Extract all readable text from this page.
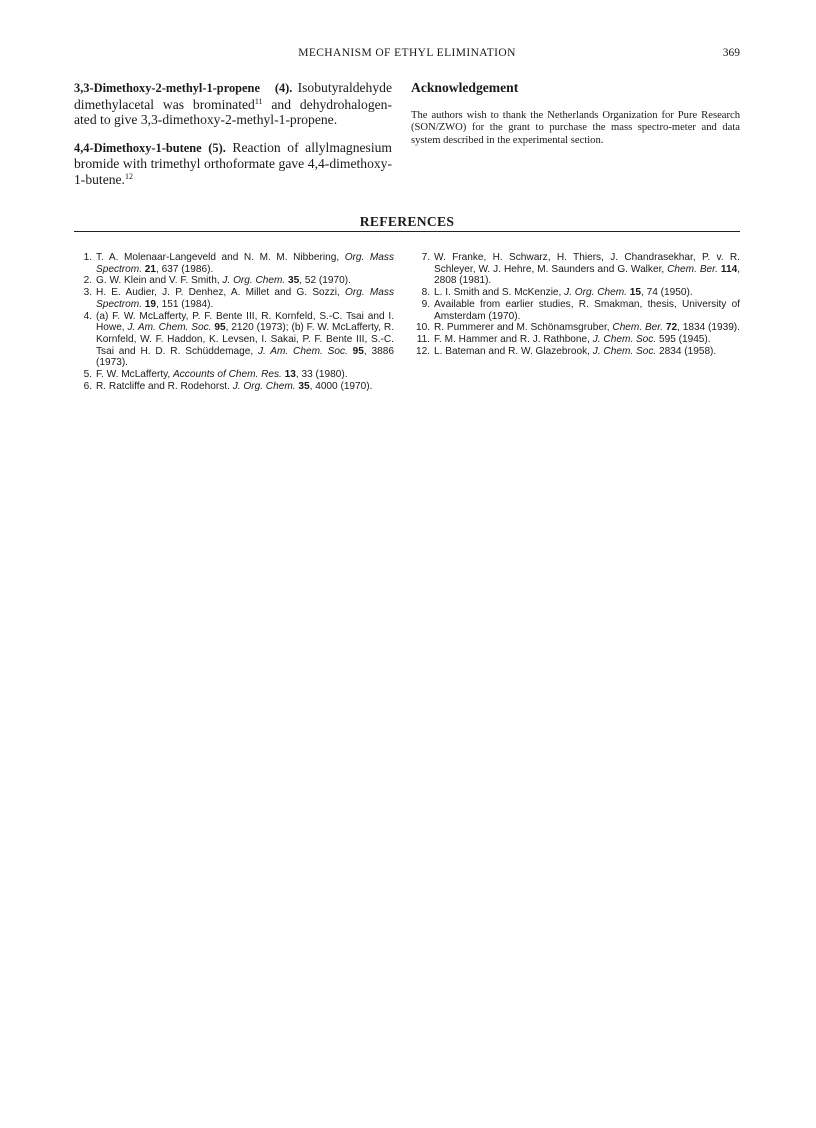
MECHANISM OF ETHYL ELIMINATION	369

3,3-Dimethoxy-2-methyl-1-propene (4). Isobutyraldehyde dimethylacetal was brominated$^{11}$ and dehydrohalogen-ated to give 3,3-dimethoxy-2-methyl-1-propene.

4,4-Dimethoxy-1-butene (5). Reaction of allylmagnesium bromide with trimethyl orthoformate gave 4,4-dimethoxy-1-butene.$^{12}$

Acknowledgement

The authors wish to thank the Netherlands Organization for Pure Research (SON/ZWO) for the grant to purchase the mass spectro-meter and data system described in the experimental section.

REFERENCES

1. T. A. Molenaar-Langeveld and N. M. M. Nibbering, Org. Mass Spectrom. 21, 637 (1986).

2. G. W. Klein and V. F. Smith, J. Org. Chem. 35, 52 (1970).

3. H. E. Audier, J. P. Denhez, A. Millet and G. Sozzi, Org. Mass Spectrom. 19, 151 (1984).

4. (a) F. W. McLafferty, P. F. Bente III, R. Kornfeld, S.-C. Tsai and I. Howe, J. Am. Chem. Soc. 95, 2120 (1973); (b) F. W. McLafferty, R. Kornfeld, W. F. Haddon, K. Levsen, I. Sakai, P. F. Bente III, S.-C. Tsai and H. D. R. Schüddemage, J. Am. Chem. Soc. 95, 3886 (1973).

5. F. W. McLafferty, Accounts of Chem. Res. 13, 33 (1980).

6. R. Ratcliffe and R. Rodehorst. J. Org. Chem. 35, 4000 (1970).

7. W. Franke, H. Schwarz, H. Thiers, J. Chandrasekhar, P. v. R. Schleyer, W. J. Hehre, M. Saunders and G. Walker, Chem. Ber. 114, 2808 (1981).

8. L. I. Smith and S. McKenzie, J. Org. Chem. 15, 74 (1950).

9. Available from earlier studies, R. Smakman, thesis, University of Amsterdam (1970).

10. R. Pummerer and M. Schönamsgruber, Chem. Ber. 72, 1834 (1939).

11. F. M. Hammer and R. J. Rathbone, J. Chem. Soc. 595 (1945).

12. L. Bateman and R. W. Glazebrook, J. Chem. Soc. 2834 (1958).
